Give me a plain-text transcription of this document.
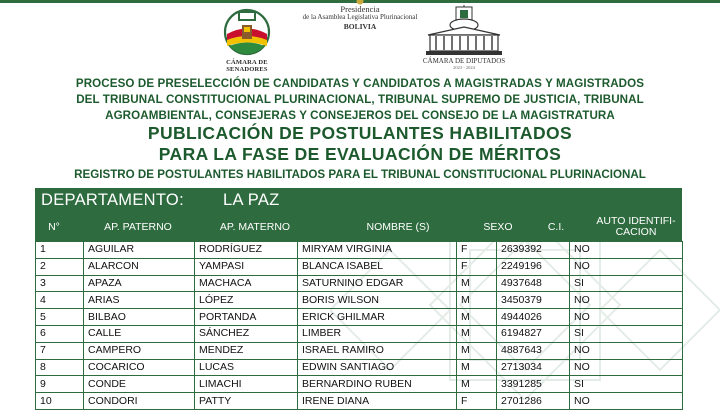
CÁMARA DE SENADORES
Presidencia
de la Asamblea Legislativa Plurinacional
BOLIVIA
CÁMARA DE DIPUTADOS
2023 - 2024
PROCESO DE PRESELECCIÓN DE CANDIDATAS Y CANDIDATOS A MAGISTRADAS Y MAGISTRADOS
DEL TRIBUNAL CONSTITUCIONAL PLURINACIONAL, TRIBUNAL SUPREMO DE JUSTICIA, TRIBUNAL
AGROAMBIENTAL, CONSEJERAS Y CONSEJEROS DEL CONSEJO DE LA MAGISTRATURA
PUBLICACIÓN DE POSTULANTES HABILITADOS
PARA LA FASE DE EVALUACIÓN DE MÉRITOS
REGISTRO DE POSTULANTES HABILITADOS PARA EL TRIBUNAL CONSTITUCIONAL PLURINACIONAL
DEPARTAMENTO: LA PAZ
N°	AP. PATERNO	AP. MATERNO	NOMBRE (S)	SEXO	C.I.	AUTO IDENTIFI-
CACION
1	AGUILAR	RODRÍGUEZ	MIRYAM VIRGINIA	F	2639392	NO
2	ALARCON	YAMPASI	BLANCA ISABEL	F	2249196	NO
3	APAZA	MACHACA	SATURNINO EDGAR	M	4937648	SI
4	ARIAS	LÓPEZ	BORIS WILSON	M	3450379	NO
5	BILBAO	PORTANDA	ERICK GHILMAR	M	4944026	NO
6	CALLE	SÁNCHEZ	LIMBER	M	6194827	SI
7	CAMPERO	MENDEZ	ISRAEL RAMIRO	M	4887643	NO
8	COCARICO	LUCAS	EDWIN SANTIAGO	M	2713034	NO
9	CONDE	LIMACHI	BERNARDINO RUBEN	M	3391285	SI
10	CONDORI	PATTY	IRENE DIANA	F	2701286	NO
